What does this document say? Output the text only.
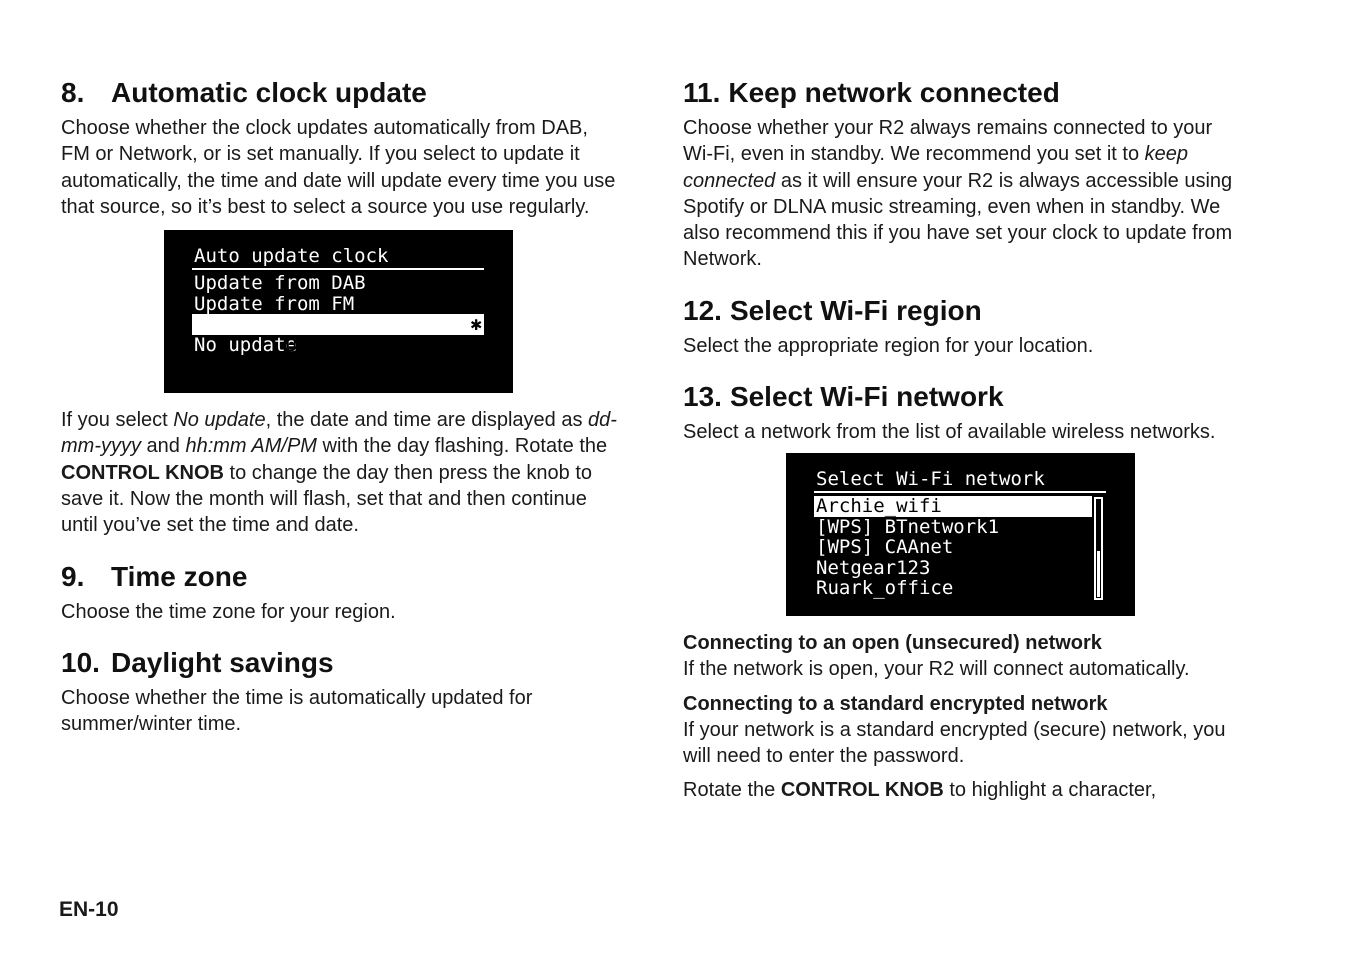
8. Automatic clock update

Choose whether the clock updates automatically from DAB, FM or Network, or is set manually. If you select to update it automatically, the time and date will update every time you use that source, so it’s best to select a source you use regularly.

Auto update clock
Update from DAB
Update from FM

Update from Network

✱

If you select No update, the date and time are displayed as dd-mm-yyyy and hh:mm AM/PM with the day flashing. Rotate the CONTROL KNOB to change the day then press the knob to save it. Now the month will flash, set that and then continue until you’ve set the time and date.

9. Time zone

Choose the time zone for your region.

10. Daylight savings

Choose whether the time is automatically updated for summer/winter time.

11. Keep network connected

Choose whether your R2 always remains connected to your Wi-Fi, even in standby. We recommend you set it to keep connected as it will ensure your R2 is always accessible using Spotify or DLNA music streaming, even when in standby. We also recommend this if you have set your clock to update from Network.

12. Select Wi-Fi region

Select the appropriate region for your location.

13. Select Wi-Fi network

Select a network from the list of available wireless networks.

Select Wi-Fi network
Archie_wifi
[WPS] BTnetwork1
[WPS] CAAnet
Netgear123
Ruark_office

Connecting to an open (unsecured) network

If the network is open, your R2 will connect automatically.

Connecting to a standard encrypted network

If your network is a standard encrypted (secure) network, you will need to enter the password.

Rotate the CONTROL KNOB to highlight a character,

EN-10
